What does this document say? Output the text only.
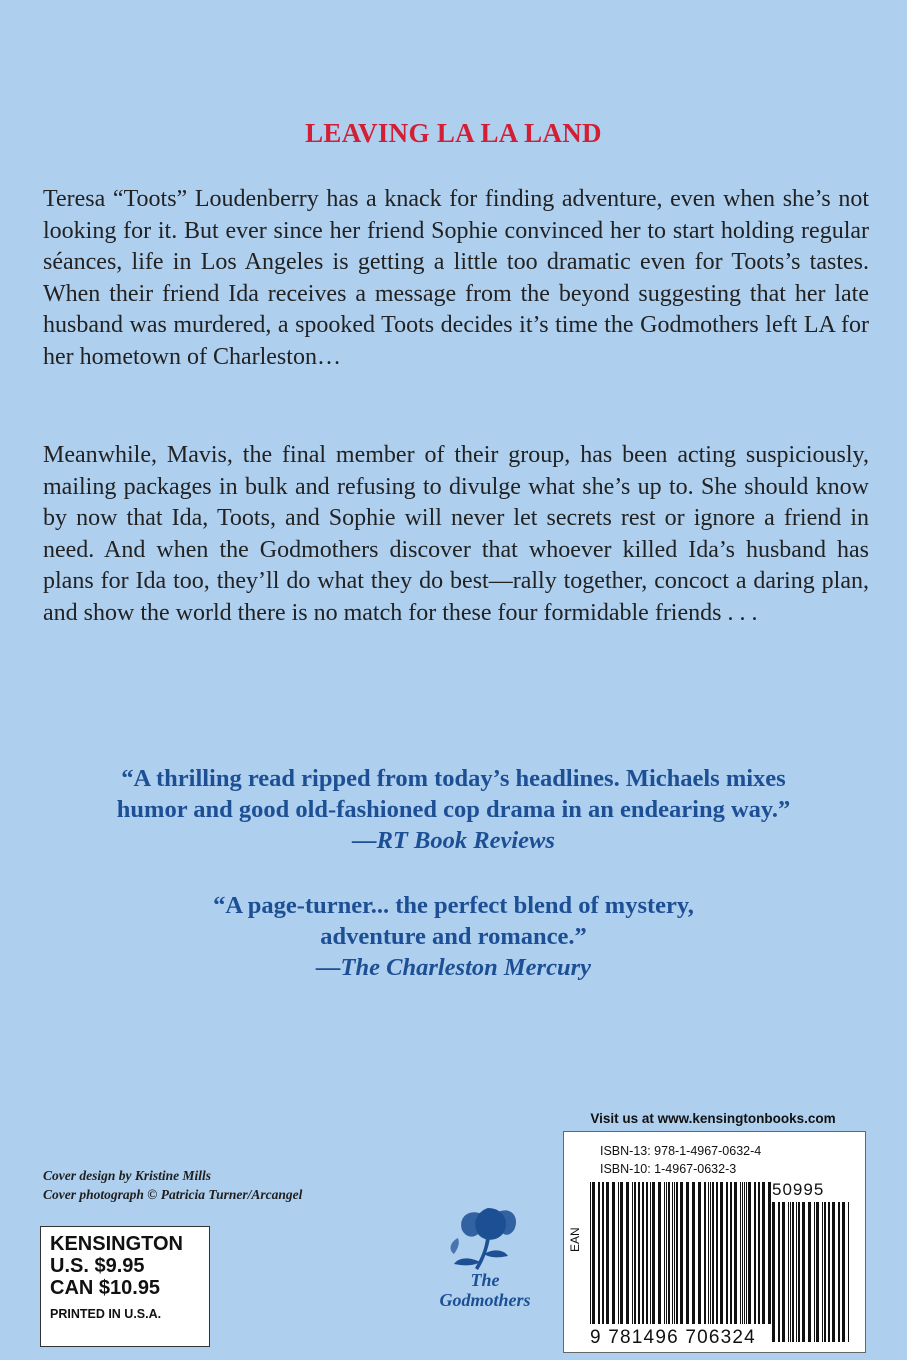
LEAVING LA LA LAND

Teresa “Toots” Loudenberry has a knack for finding adventure, even when she’s not looking for it. But ever since her friend Sophie convinced her to start holding regular séances, life in Los Angeles is getting a little too dramatic even for Toots’s tastes. When their friend Ida receives a message from the beyond suggesting that her late husband was murdered, a spooked Toots decides it’s time the Godmothers left LA for her hometown of Charleston…

Meanwhile, Mavis, the final member of their group, has been acting suspiciously, mailing packages in bulk and refusing to divulge what she’s up to. She should know by now that Ida, Toots, and Sophie will never let secrets rest or ignore a friend in need. And when the Godmothers discover that whoever killed Ida’s husband has plans for Ida too, they’ll do what they do best—rally together, concoct a daring plan, and show the world there is no match for these four formidable friends . . .

“A thrilling read ripped from today’s headlines. Michaels mixes
humor and good old-fashioned cop drama in an endearing way.”
—RT Book Reviews
“A page-turner... the perfect blend of mystery,
adventure and romance.”
—The Charleston Mercury
Cover design by Kristine Mills
Cover photograph © Patricia Turner/Arcangel
KENSINGTON
U.S. $9.95
CAN $10.95
PRINTED IN U.S.A.
The
Godmothers
Visit us at www.kensingtonbooks.com
ISBN-13: 978-1-4967-0632-4
ISBN-10: 1-4967-0632-3
EAN
50995
9 781496 706324
